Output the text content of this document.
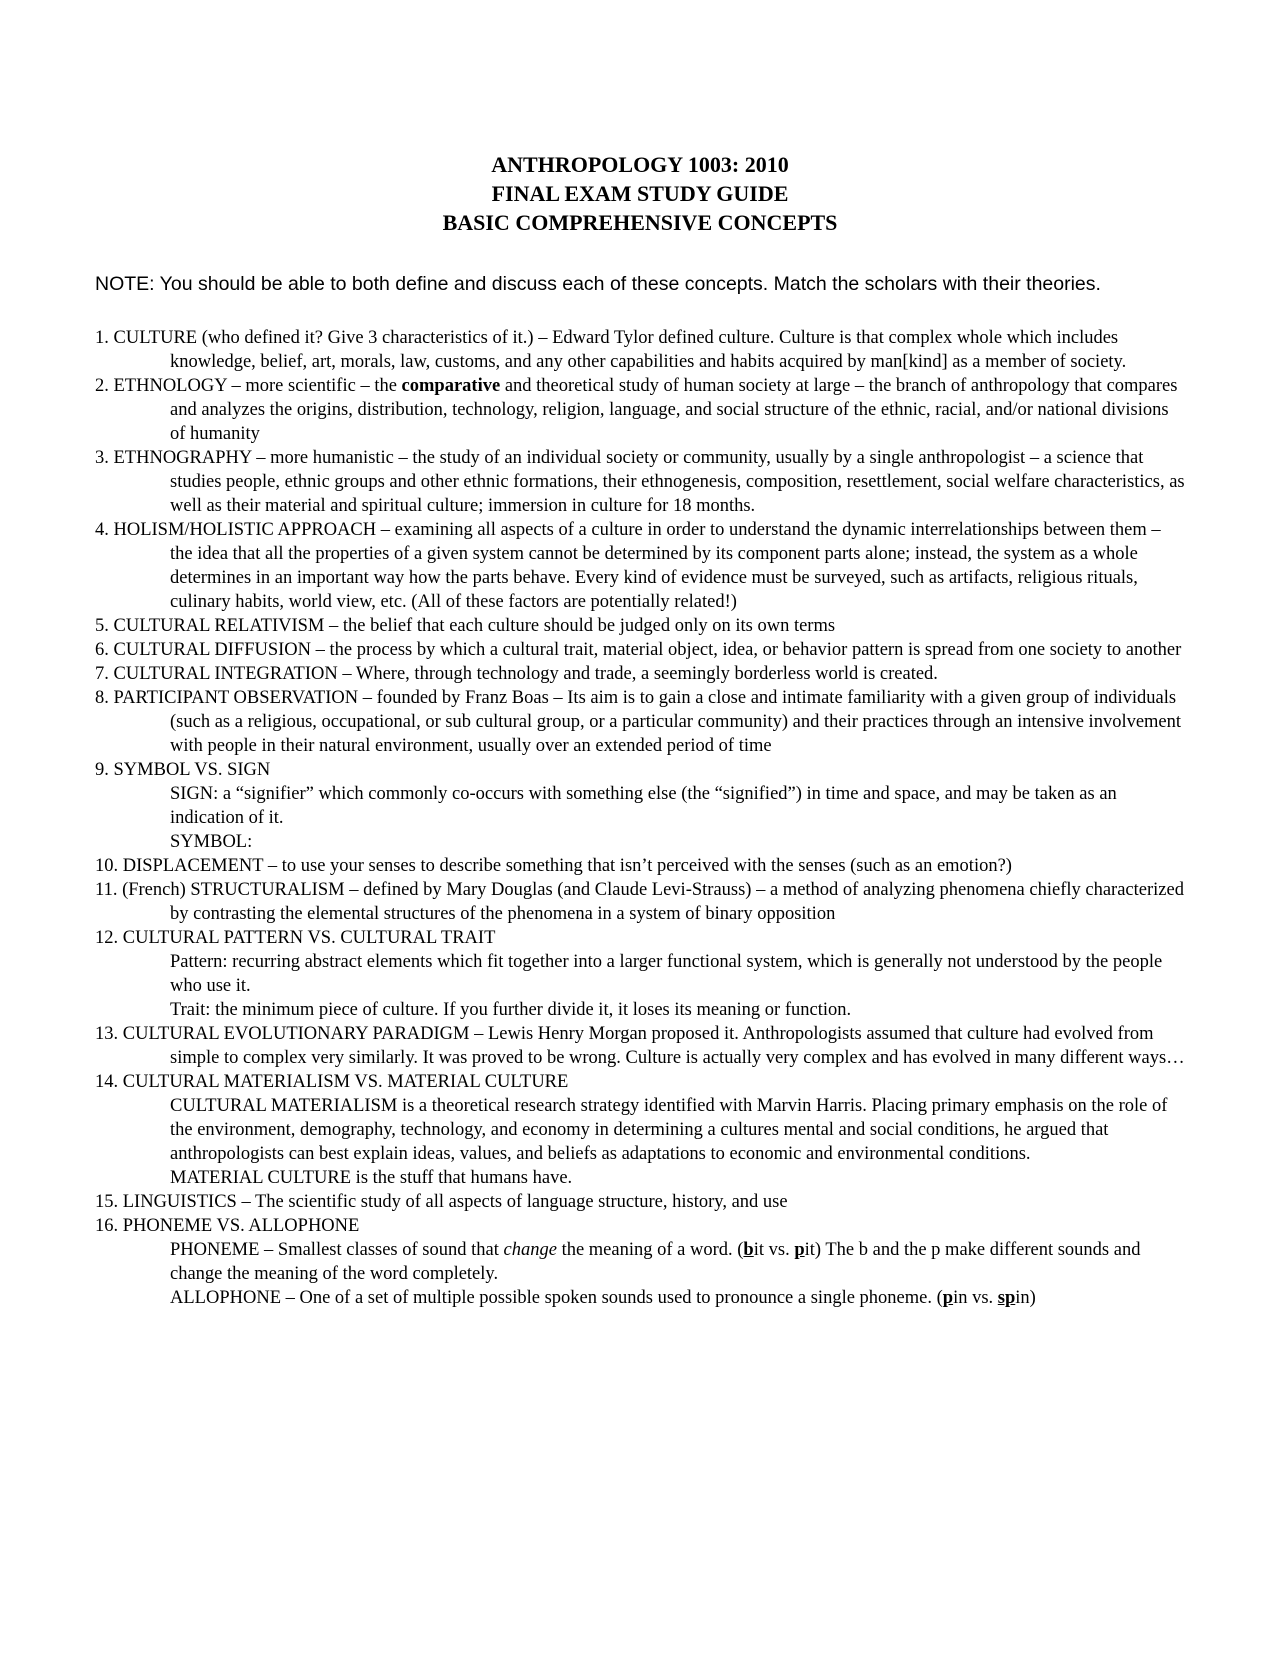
ANTHROPOLOGY 1003: 2010
FINAL EXAM STUDY GUIDE
BASIC COMPREHENSIVE CONCEPTS
NOTE: You should be able to both define and discuss each of these concepts. Match the scholars with their theories.
1. CULTURE (who defined it? Give 3 characteristics of it.) – Edward Tylor defined culture. Culture is that complex whole which includes knowledge, belief, art, morals, law, customs, and any other capabilities and habits acquired by man[kind] as a member of society.
2. ETHNOLOGY – more scientific – the comparative and theoretical study of human society at large – the branch of anthropology that compares and analyzes the origins, distribution, technology, religion, language, and social structure of the ethnic, racial, and/or national divisions of humanity
3. ETHNOGRAPHY – more humanistic – the study of an individual society or community, usually by a single anthropologist – a science that studies people, ethnic groups and other ethnic formations, their ethnogenesis, composition, resettlement, social welfare characteristics, as well as their material and spiritual culture; immersion in culture for 18 months.
4. HOLISM/HOLISTIC APPROACH – examining all aspects of a culture in order to understand the dynamic interrelationships between them – the idea that all the properties of a given system cannot be determined by its component parts alone; instead, the system as a whole determines in an important way how the parts behave. Every kind of evidence must be surveyed, such as artifacts, religious rituals, culinary habits, world view, etc. (All of these factors are potentially related!)
5. CULTURAL RELATIVISM – the belief that each culture should be judged only on its own terms
6. CULTURAL DIFFUSION – the process by which a cultural trait, material object, idea, or behavior pattern is spread from one society to another
7. CULTURAL INTEGRATION – Where, through technology and trade, a seemingly borderless world is created.
8. PARTICIPANT OBSERVATION – founded by Franz Boas – Its aim is to gain a close and intimate familiarity with a given group of individuals (such as a religious, occupational, or sub cultural group, or a particular community) and their practices through an intensive involvement with people in their natural environment, usually over an extended period of time
9. SYMBOL VS. SIGN
SIGN: a “signifier” which commonly co-occurs with something else (the “signified”) in time and space, and may be taken as an indication of it.
SYMBOL:
10. DISPLACEMENT – to use your senses to describe something that isn’t perceived with the senses (such as an emotion?)
11. (French) STRUCTURALISM – defined by Mary Douglas (and Claude Levi-Strauss) – a method of analyzing phenomena chiefly characterized by contrasting the elemental structures of the phenomena in a system of binary opposition
12. CULTURAL PATTERN VS. CULTURAL TRAIT
Pattern: recurring abstract elements which fit together into a larger functional system, which is generally not understood by the people who use it.
Trait: the minimum piece of culture. If you further divide it, it loses its meaning or function.
13. CULTURAL EVOLUTIONARY PARADIGM – Lewis Henry Morgan proposed it. Anthropologists assumed that culture had evolved from simple to complex very similarly. It was proved to be wrong. Culture is actually very complex and has evolved in many different ways…
14. CULTURAL MATERIALISM VS. MATERIAL CULTURE
CULTURAL MATERIALISM is a theoretical research strategy identified with Marvin Harris. Placing primary emphasis on the role of the environment, demography, technology, and economy in determining a cultures mental and social conditions, he argued that anthropologists can best explain ideas, values, and beliefs as adaptations to economic and environmental conditions.
MATERIAL CULTURE is the stuff that humans have.
15. LINGUISTICS – The scientific study of all aspects of language structure, history, and use
16. PHONEME VS. ALLOPHONE
PHONEME – Smallest classes of sound that change the meaning of a word. (bit vs. pit) The b and the p make different sounds and change the meaning of the word completely.
ALLOPHONE – One of a set of multiple possible spoken sounds used to pronounce a single phoneme. (pin vs. spin)
